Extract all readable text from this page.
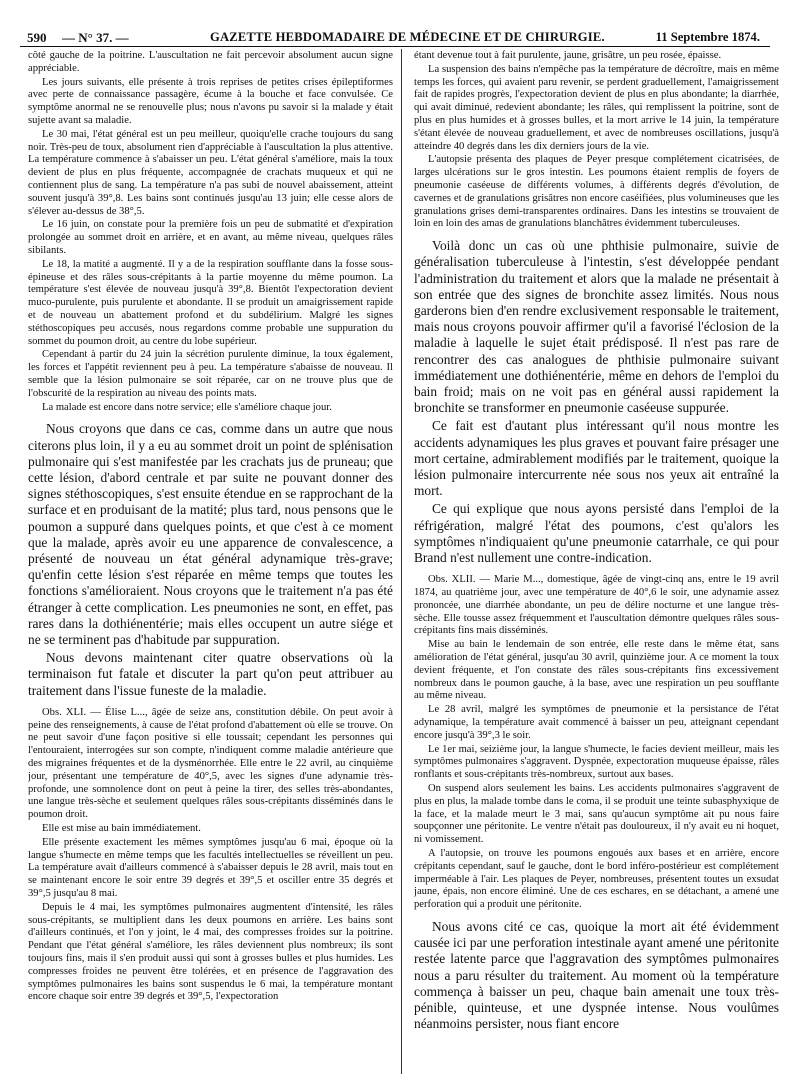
590 — N° 37. —	GAZETTE HEBDOMADAIRE DE MÉDECINE ET DE CHIRURGIE.	11 Septembre 1874.

côté gauche de la poitrine. L'auscultation ne fait percevoir absolument aucun signe appréciable.

Les jours suivants, elle présente à trois reprises de petites crises épileptiformes avec perte de connaissance passagère, écume à la bouche et face convulsée. Ce symptôme anormal ne se renouvelle plus; nous n'avons pu savoir si la malade y était sujette avant sa maladie.

Le 30 mai, l'état général est un peu meilleur, quoiqu'elle crache toujours du sang noir. Très-peu de toux, absolument rien d'appréciable à l'auscultation la plus attentive. La température commence à s'abaisser un peu. L'état général s'améliore, mais la toux devient de plus en plus fréquente, accompagnée de crachats muqueux et qui ne contiennent plus de sang. La température n'a pas subi de nouvel abaissement, atteint souvent jusqu'à 39°,8. Les bains sont continués jusqu'au 13 juin; elle cesse alors de s'élever au-dessus de 38°,5.

Le 16 juin, on constate pour la première fois un peu de submatité et d'expiration prolongée au sommet droit en arrière, et en avant, au même niveau, quelques râles sibilants.

Le 18, la matité a augmenté. Il y a de la respiration soufflante dans la fosse sous-épineuse et des râles sous-crépitants à la partie moyenne du même poumon. La température s'est élevée de nouveau jusqu'à 39°,8. Bientôt l'expectoration devient muco-purulente, puis purulente et abondante. Il se produit un amaigrissement rapide et de nouveau un abattement profond et du subdélirium. Malgré les signes stéthoscopiques peu accusés, nous regardons comme probable une suppuration du sommet du poumon droit, au centre du lobe supérieur.

Cependant à partir du 24 juin la sécrétion purulente diminue, la toux également, les forces et l'appétit reviennent peu à peu. La température s'abaisse de nouveau. Il semble que la lésion pulmonaire se soit réparée, car on ne trouve plus que de l'obscurité de la respiration au niveau des points mats.

La malade est encore dans notre service; elle s'améliore chaque jour.

Nous croyons que dans ce cas, comme dans un autre que nous citerons plus loin, il y a eu au sommet droit un point de splénisation pulmonaire qui s'est manifestée par les crachats jus de pruneau; que cette lésion, d'abord centrale et par suite ne pouvant donner des signes stéthoscopiques, s'est ensuite étendue en se rapprochant de la surface et en produisant de la matité; plus tard, nous pensons que le poumon a suppuré dans quelques points, et que c'est à ce moment que la malade, après avoir eu une apparence de convalescence, a présenté de nouveau un état général adynamique très-grave; qu'enfin cette lésion s'est réparée en même temps que toutes les fonctions s'amélioraient. Nous croyons que le traitement n'a pas été étranger à cette complication. Les pneumonies ne sont, en effet, pas rares dans la dothiénentérie; mais elles occupent un autre siége et ne se terminent pas d'habitude par suppuration.

Nous devons maintenant citer quatre observations où la terminaison fut fatale et discuter la part qu'on peut attribuer au traitement dans l'issue funeste de la maladie.

Obs. XLI. — Élise L..., âgée de seize ans, constitution débile. On peut avoir à peine des renseignements, à cause de l'état profond d'abattement où elle se trouve. On ne peut savoir d'une façon positive si elle toussait; cependant les personnes qui l'entouraient, interrogées sur son compte, n'indiquent comme maladie antérieure que des migraines fréquentes et de la dysménorrhée. Elle entre le 22 avril, au cinquième jour, présentant une température de 40°,5, avec les signes d'une adynamie très-profonde, une somnolence dont on peut à peine la tirer, des selles très-abondantes, une langue très-sèche et seulement quelques râles sous-crépitants disséminés dans le poumon droit.

Elle est mise au bain immédiatement.

Elle présente exactement les mêmes symptômes jusqu'au 6 mai, époque où la langue s'humecte en même temps que les facultés intellectuelles se réveillent un peu. La température avait d'ailleurs commencé à s'abaisser depuis le 28 avril, mais tout en se maintenant encore le soir entre 39 degrés et 39°,5 et osciller entre 35 degrés et 39°,5 jusqu'au 8 mai.

Depuis le 4 mai, les symptômes pulmonaires augmentent d'intensité, les râles sous-crépitants, se multiplient dans les deux poumons en arrière. Les bains sont d'ailleurs continués, et l'on y joint, le 4 mai, des compresses froides sur la poitrine. Pendant que l'état général s'améliore, les râles deviennent plus nombreux; ils sont toujours fins, mais il s'en produit aussi qui sont à grosses bulles et plus humides. Les compresses froides ne peuvent être tolérées, et en présence de l'aggravation des symptômes pulmonaires les bains sont suspendus le 6 mai, la température montant encore chaque soir entre 39 degrés et 39°,5, l'expectoration

étant devenue tout à fait purulente, jaune, grisâtre, un peu rosée, épaisse.

La suspension des bains n'empêche pas la température de décroître, mais en même temps les forces, qui avaient paru revenir, se perdent graduellement, l'amaigrissement fait de rapides progrès, l'expectoration devient de plus en plus abondante; la diarrhée, qui avait diminué, redevient abondante; les râles, qui remplissent la poitrine, sont de plus en plus humides et à grosses bulles, et la mort arrive le 14 juin, la température s'étant élevée de nouveau graduellement, et avec de nombreuses oscillations, jusqu'à atteindre 40 degrés dans les dix derniers jours de la vie.

L'autopsie présenta des plaques de Peyer presque complétement cicatrisées, de larges ulcérations sur le gros intestin. Les poumons étaient remplis de foyers de pneumonie caséeuse de différents volumes, à différents degrés d'évolution, de cavernes et de granulations grisâtres non encore caséifiées, plus volumineuses que les granulations grises demi-transparentes ordinaires. Dans les intestins se trouvaient de loin en loin des amas de granulations blanchâtres évidemment tuberculeuses.

Voilà donc un cas où une phthisie pulmonaire, suivie de généralisation tuberculeuse à l'intestin, s'est développée pendant l'administration du traitement et alors que la malade ne présentait à son entrée que des signes de bronchite assez limités. Nous nous garderons bien d'en rendre exclusivement responsable le traitement, mais nous croyons pouvoir affirmer qu'il a favorisé l'éclosion de la maladie à laquelle le sujet était prédisposé. Il n'est pas rare de rencontrer des cas analogues de phthisie pulmonaire suivant immédiatement une dothiénentérie, même en dehors de l'emploi du bain froid; mais on ne voit pas en général aussi rapidement la bronchite se transformer en pneumonie caséeuse suppurée.

Ce fait est d'autant plus intéressant qu'il nous montre les accidents adynamiques les plus graves et pouvant faire présager une mort certaine, admirablement modifiés par le traitement, quoique la lésion pulmonaire intercurrente née sous nos yeux ait entraîné la mort.

Ce qui explique que nous ayons persisté dans l'emploi de la réfrigération, malgré l'état des poumons, c'est qu'alors les symptômes n'indiquaient qu'une pneumonie catarrhale, ce qui pour Brand n'est nullement une contre-indication.

Obs. XLII. — Marie M..., domestique, âgée de vingt-cinq ans, entre le 19 avril 1874, au quatrième jour, avec une température de 40°,6 le soir, une adynamie assez prononcée, une diarrhée abondante, un peu de délire nocturne et une langue très-sèche. Elle tousse assez fréquemment et l'auscultation démontre quelques râles sous-crépitants fins mais disséminés.

Mise au bain le lendemain de son entrée, elle reste dans le même état, sans amélioration de l'état général, jusqu'au 30 avril, quinzième jour. A ce moment la toux devient fréquente, et l'on constate des râles sous-crépitants fins excessivement nombreux dans le poumon gauche, à la base, avec une respiration un peu soufflante au même niveau.

Le 28 avril, malgré les symptômes de pneumonie et la persistance de l'état adynamique, la température avait commencé à baisser un peu, atteignant cependant encore jusqu'à 39°,3 le soir.

Le 1er mai, seizième jour, la langue s'humecte, le facies devient meilleur, mais les symptômes pulmonaires s'aggravent. Dyspnée, expectoration muqueuse épaisse, râles ronflants et sous-crépitants très-nombreux, surtout aux bases.

On suspend alors seulement les bains. Les accidents pulmonaires s'aggravent de plus en plus, la malade tombe dans le coma, il se produit une teinte subasphyxique de la face, et la malade meurt le 3 mai, sans qu'aucun symptôme ait pu nous faire soupçonner une péritonite. Le ventre n'était pas douloureux, il n'y avait eu ni hoquet, ni vomissement.

A l'autopsie, on trouve les poumons engoués aux bases et en arrière, encore crépitants cependant, sauf le gauche, dont le bord inféro-postérieur est complétement imperméable à l'air. Les plaques de Peyer, nombreuses, présentent toutes un exsudat jaune, épais, non encore éliminé. Une de ces eschares, en se détachant, a amené une perforation qui a produit une péritonite.

Nous avons cité ce cas, quoique la mort ait été évidemment causée ici par une perforation intestinale ayant amené une péritonite restée latente parce que l'aggravation des symptômes pulmonaires nous a paru résulter du traitement. Au moment où la température commença à baisser un peu, chaque bain amenait une toux très-pénible, quinteuse, et une dyspnée intense. Nous voulûmes néanmoins persister, nous fiant encore
